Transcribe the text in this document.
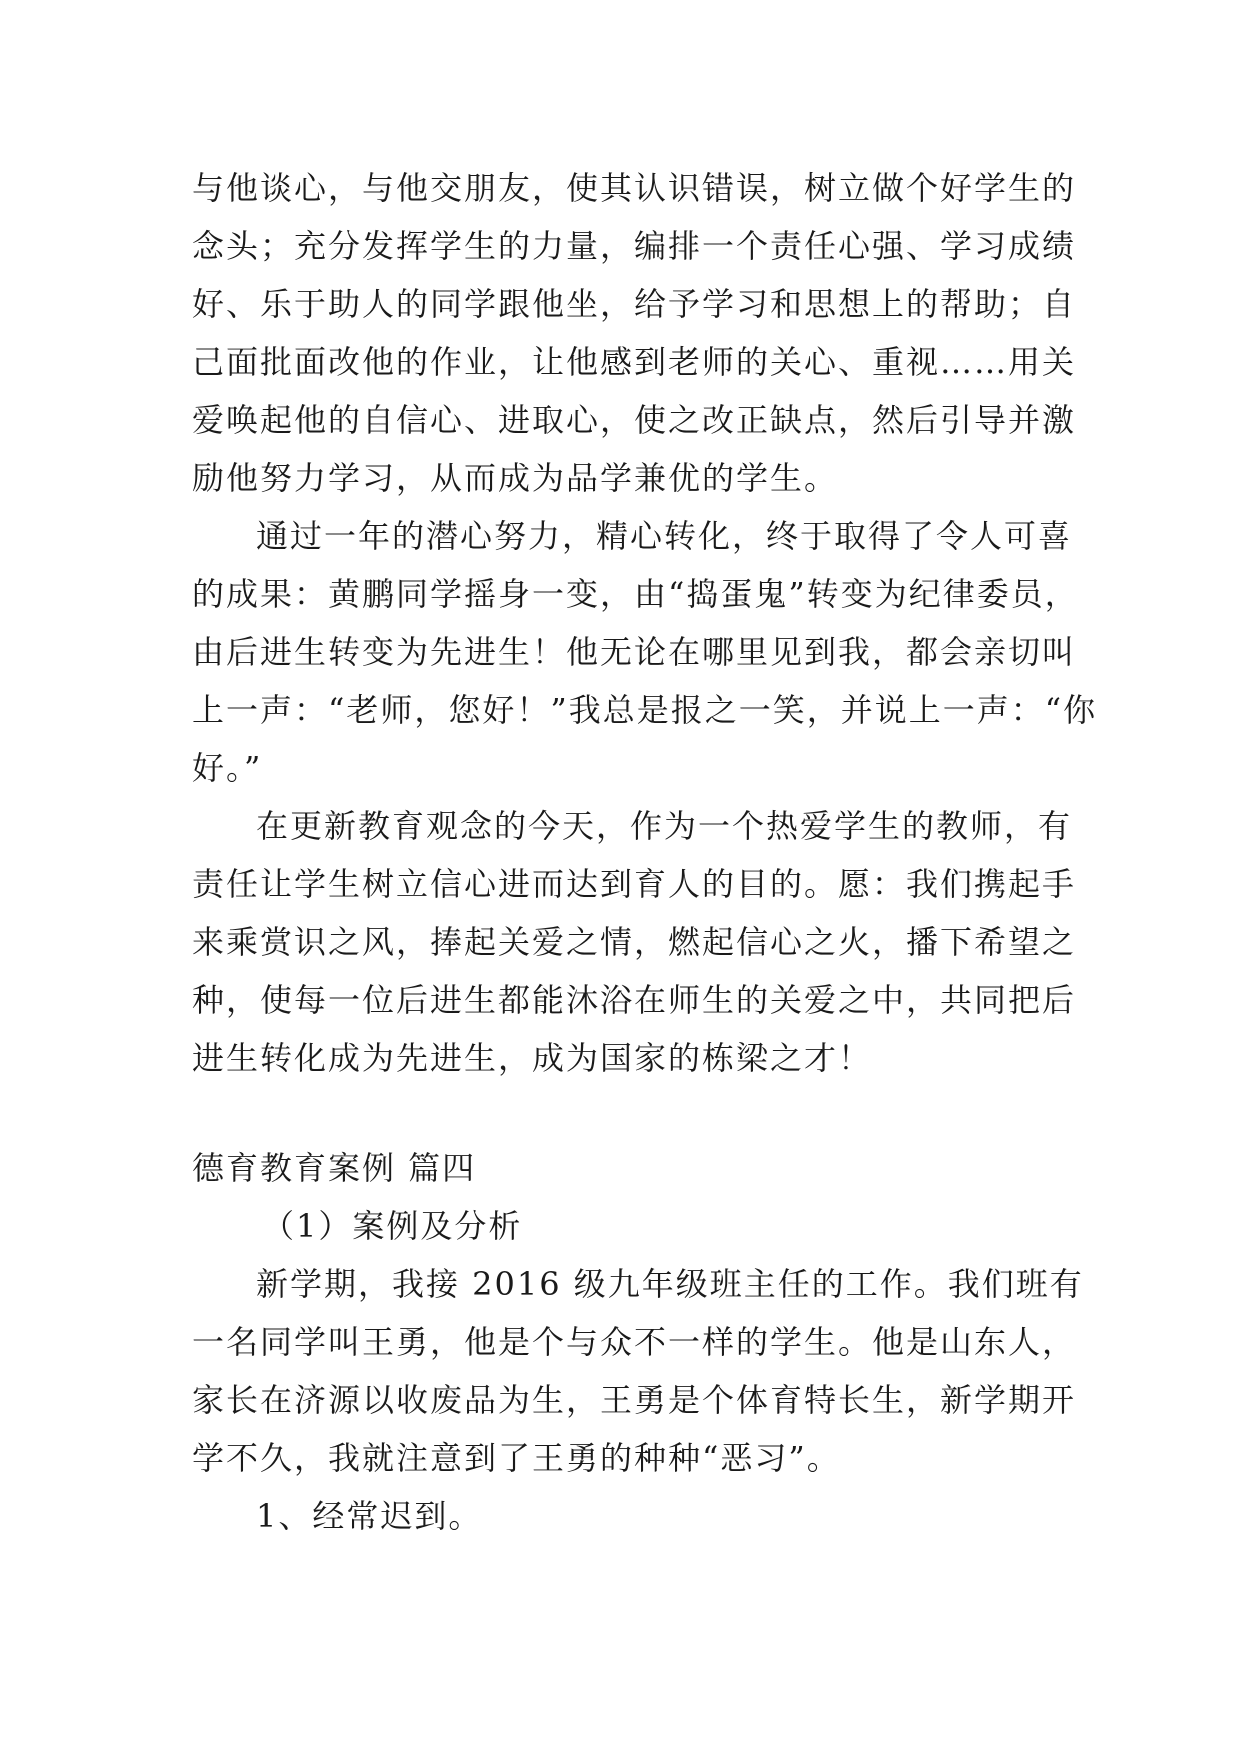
与他谈心，与他交朋友，使其认识错误，树立做个好学生的
念头；充分发挥学生的力量，编排一个责任心强、学习成绩
好、乐于助人的同学跟他坐，给予学习和思想上的帮助；自
己面批面改他的作业，让他感到老师的关心、重视……用关
爱唤起他的自信心、进取心，使之改正缺点，然后引导并激
励他努力学习，从而成为品学兼优的学生。
通过一年的潜心努力，精心转化，终于取得了令人可喜
的成果：黄鹏同学摇身一变，由“捣蛋鬼”转变为纪律委员，
由后进生转变为先进生！他无论在哪里见到我，都会亲切叫
上一声：“老师，您好！”我总是报之一笑，并说上一声：“你
好。”
在更新教育观念的今天，作为一个热爱学生的教师，有
责任让学生树立信心进而达到育人的目的。愿：我们携起手
来乘赏识之风，捧起关爱之情，燃起信心之火，播下希望之
种，使每一位后进生都能沐浴在师生的关爱之中，共同把后
进生转化成为先进生，成为国家的栋梁之才！
德育教育案例 篇四
（1）案例及分析
新学期，我接 2016 级九年级班主任的工作。我们班有
一名同学叫王勇，他是个与众不一样的学生。他是山东人，
家长在济源以收废品为生，王勇是个体育特长生，新学期开
学不久，我就注意到了王勇的种种“恶习”。
1、经常迟到。
